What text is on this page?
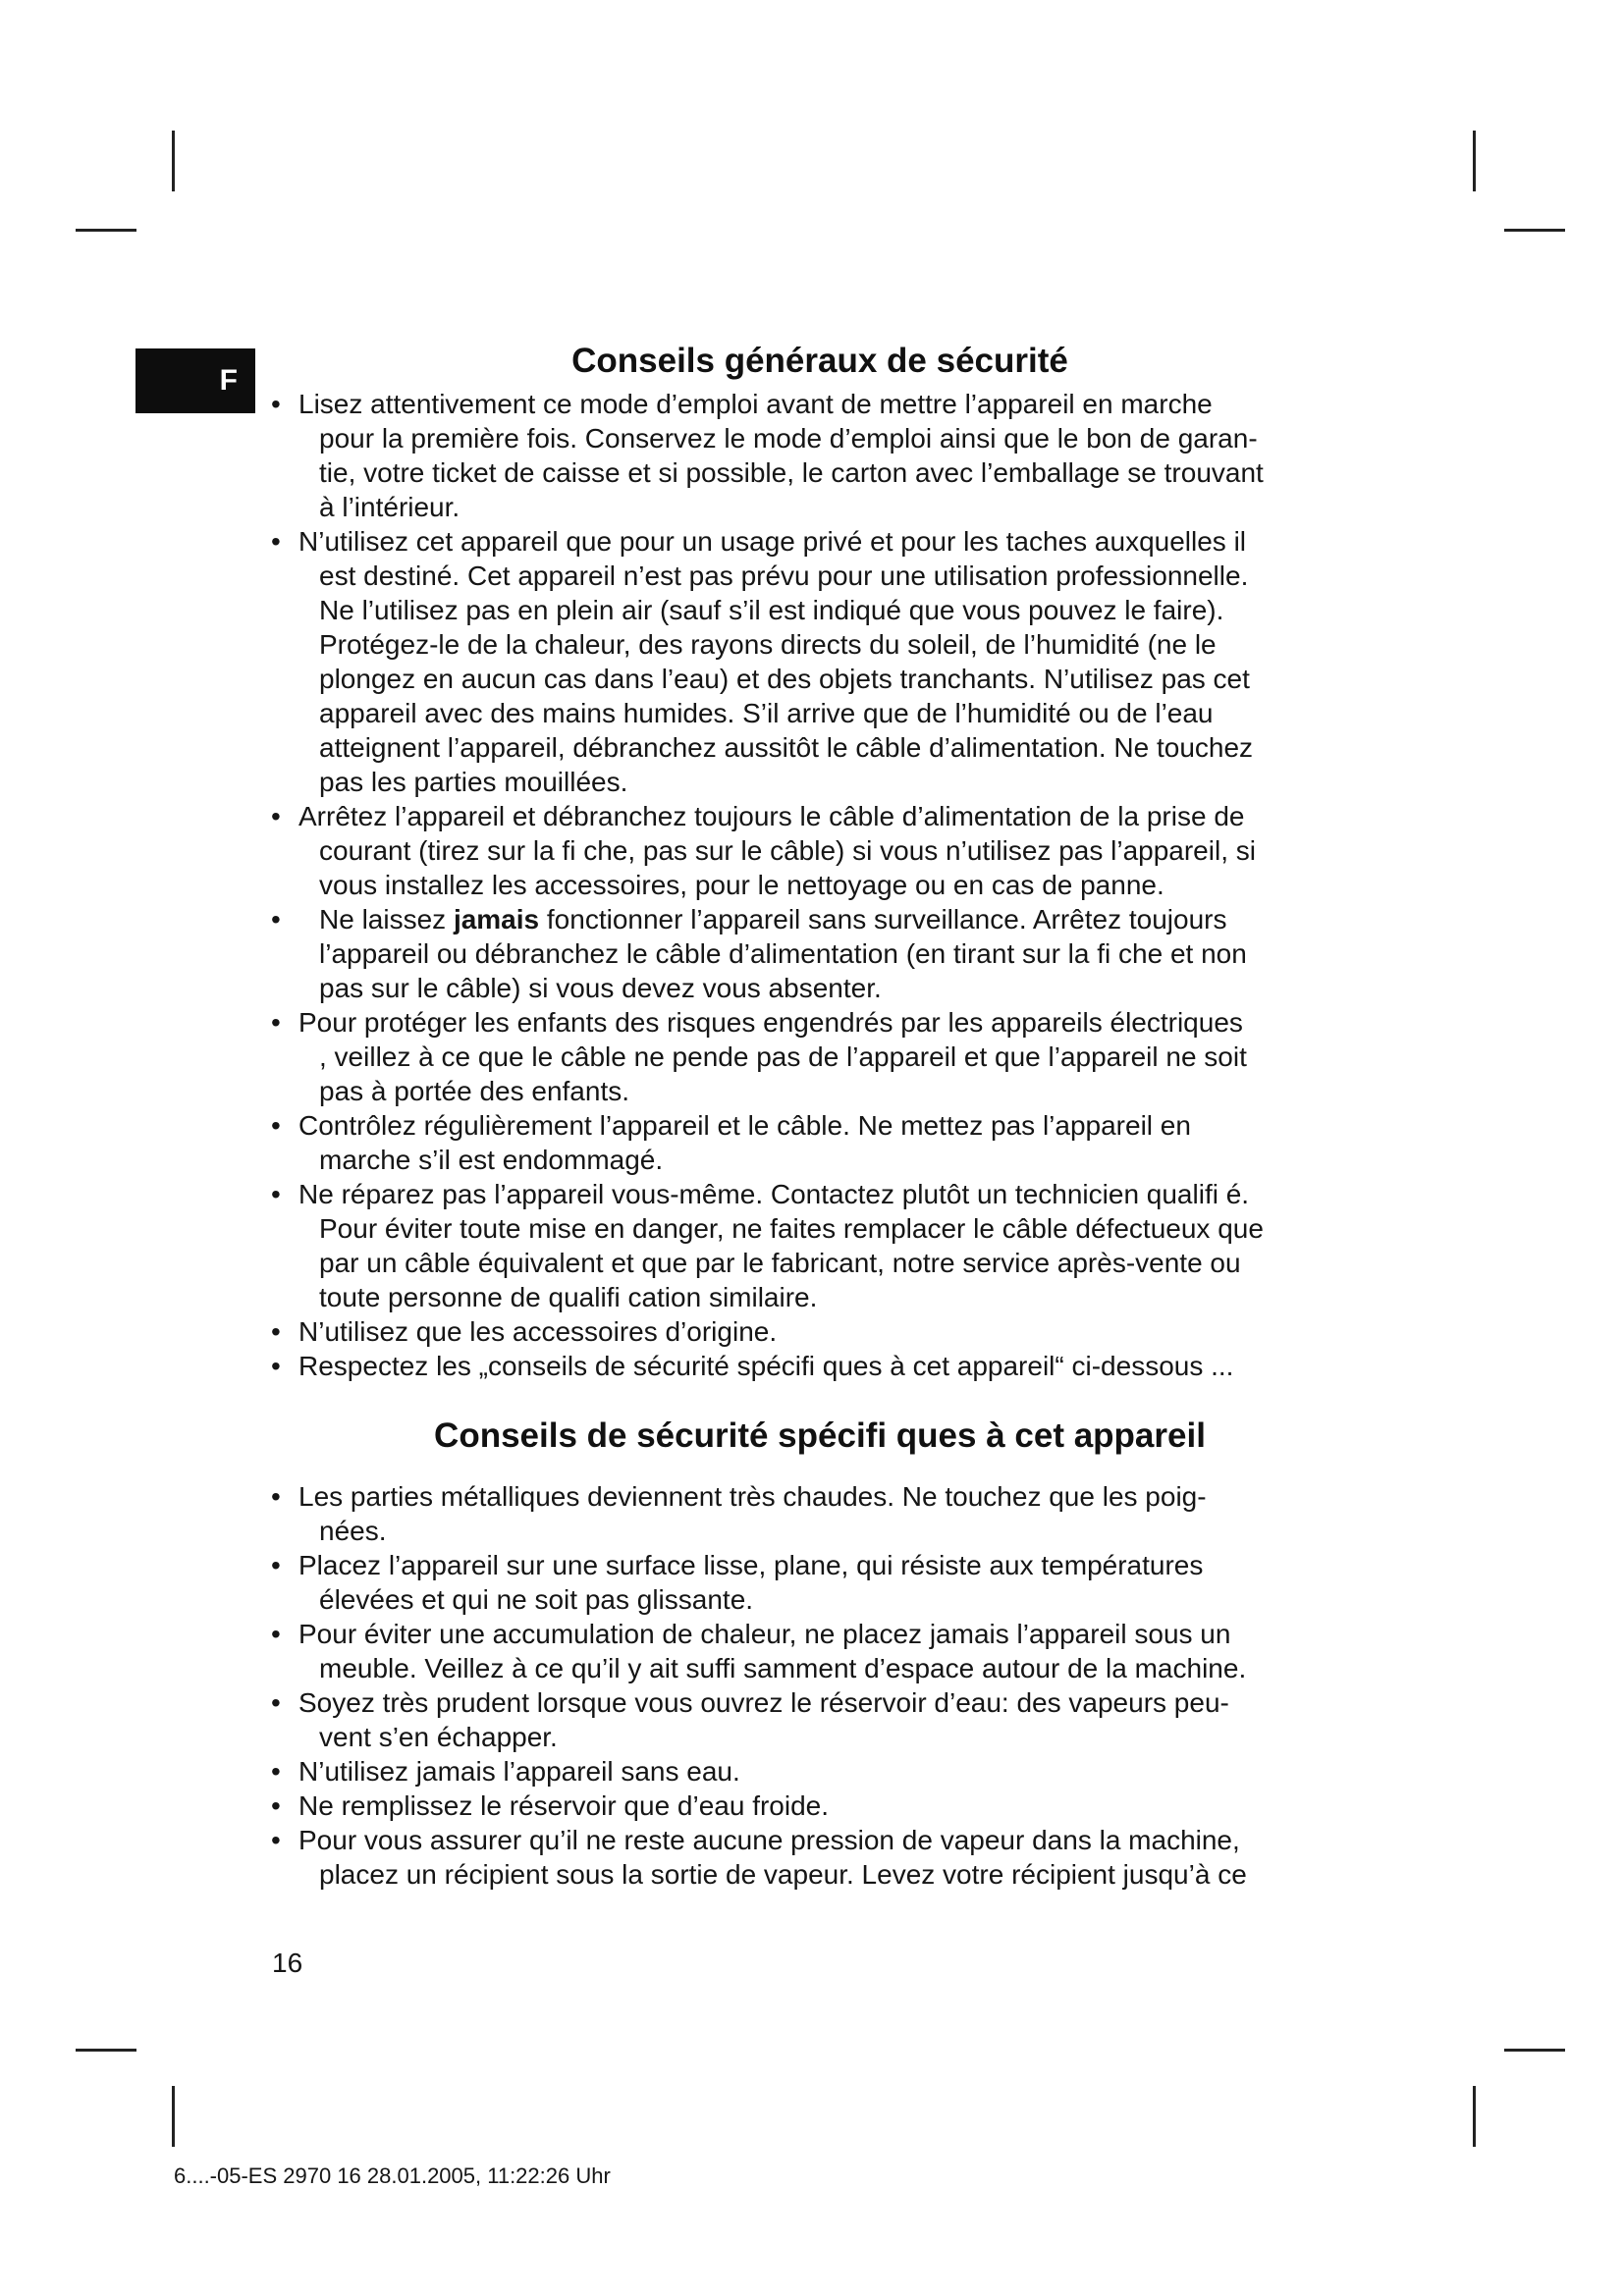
F
Conseils généraux de sécurité
• Lisez attentivement ce mode d’emploi avant de mettre l’appareil en marche
pour la première fois. Conservez le mode d’emploi ainsi que le bon de garan-
tie, votre ticket de caisse et si possible, le carton avec l’emballage se trouvant
à l’intérieur.
• N’utilisez cet appareil que pour un usage privé et pour les taches auxquelles il
est destiné. Cet appareil n’est pas prévu pour une utilisation professionnelle.
Ne l’utilisez pas en plein air (sauf s’il est indiqué que vous pouvez le faire).
Protégez-le de la chaleur, des rayons directs du soleil, de l’humidité (ne le
plongez en aucun cas dans l’eau) et des objets tranchants. N’utilisez pas cet
appareil avec des mains humides. S’il arrive que de l’humidité ou de l’eau
atteignent l’appareil, débranchez aussitôt le câble d’alimentation. Ne touchez
pas les parties mouillées.
• Arrêtez l’appareil et débranchez toujours le câble d’alimentation de la prise de
courant (tirez sur la fi che, pas sur le câble) si vous n’utilisez pas l’appareil, si
vous installez les accessoires, pour le nettoyage ou en cas de panne.
•	Ne laissez jamais fonctionner l’appareil sans surveillance. Arrêtez toujours
l’appareil ou débranchez le câble d’alimentation (en tirant sur la fi che et non
pas sur le câble) si vous devez vous absenter.
• Pour protéger les enfants des risques engendrés par les appareils électriques
, veillez à ce que le câble ne pende pas de l’appareil et que l’appareil ne soit
pas à portée des enfants.
• Contrôlez régulièrement l’appareil et le câble. Ne mettez pas l’appareil en
marche s’il est endommagé.
• Ne réparez pas l’appareil vous-même. Contactez plutôt un technicien qualifi é.
Pour éviter toute mise en danger, ne faites remplacer le câble défectueux que
par un câble équivalent et que par le fabricant, notre service après-vente ou
toute personne de qualifi cation similaire.
• N’utilisez que les accessoires d’origine.
• Respectez les „conseils de sécurité spécifi ques à cet appareil“ ci-dessous ...
Conseils de sécurité spécifi ques à cet appareil
• Les parties métalliques deviennent très chaudes. Ne touchez que les poig-
nées.
• Placez l’appareil sur une surface lisse, plane, qui résiste aux températures
élevées et qui ne soit pas glissante.
• Pour éviter une accumulation de chaleur, ne placez jamais l’appareil sous un
meuble. Veillez à ce qu’il y ait suffi samment d’espace autour de la machine.
• Soyez très prudent lorsque vous ouvrez le réservoir d’eau: des vapeurs peu-
vent s’en échapper.
• N’utilisez jamais l’appareil sans eau.
• Ne remplissez le réservoir que d’eau froide.
• Pour vous assurer qu’il ne reste aucune pression de vapeur dans la machine,
placez un récipient sous la sortie de vapeur. Levez votre récipient jusqu’à ce
16
6....-05-ES 2970 16 28.01.2005, 11:22:26 Uhr
